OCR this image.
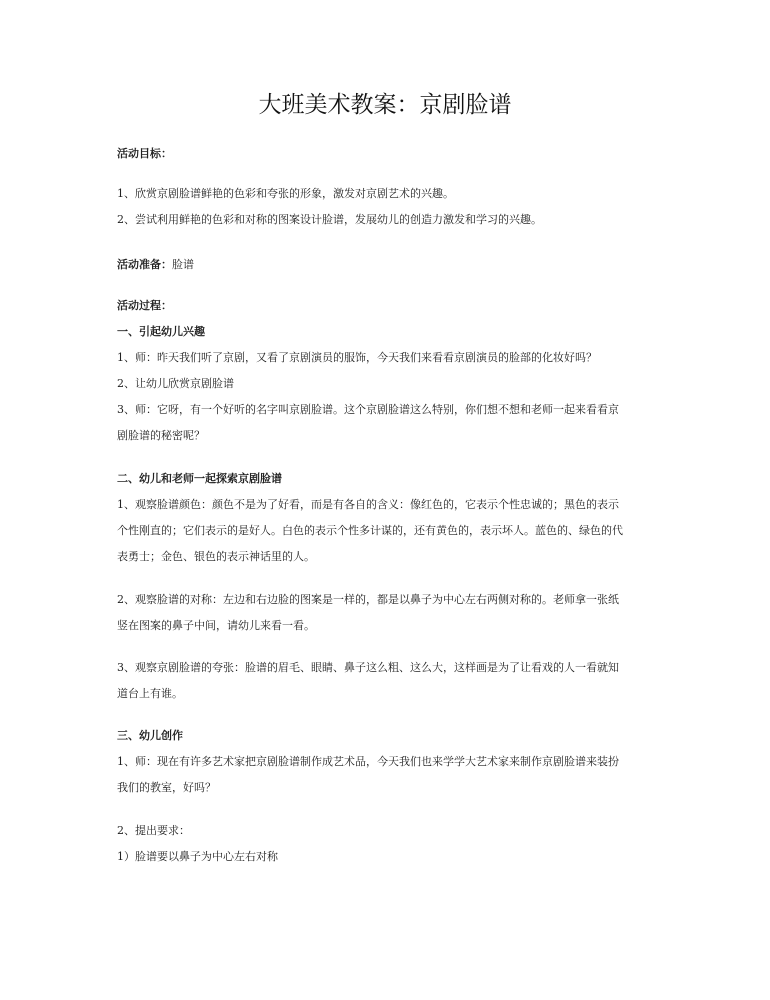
大班美术教案：京剧脸谱
活动目标：
1、欣赏京剧脸谱鲜艳的色彩和夸张的形象，激发对京剧艺术的兴趣。
2、尝试利用鲜艳的色彩和对称的图案设计脸谱，发展幼儿的创造力激发和学习的兴趣。
活动准备：脸谱
活动过程：
一、引起幼儿兴趣
1、师：昨天我们听了京剧，又看了京剧演员的服饰，今天我们来看看京剧演员的脸部的化妆好吗？
2、让幼儿欣赏京剧脸谱
3、师：它呀，有一个好听的名字叫京剧脸谱。这个京剧脸谱这么特别，你们想不想和老师一起来看看京
剧脸谱的秘密呢？
二、幼儿和老师一起探索京剧脸谱
1、观察脸谱颜色：颜色不是为了好看，而是有各自的含义：像红色的，它表示个性忠诚的；黑色的表示
个性刚直的；它们表示的是好人。白色的表示个性多计谋的，还有黄色的，表示坏人。蓝色的、绿色的代
表勇士；金色、银色的表示神话里的人。
2、观察脸谱的对称：左边和右边脸的图案是一样的，都是以鼻子为中心左右两侧对称的。老师拿一张纸
竖在图案的鼻子中间，请幼儿来看一看。
3、观察京剧脸谱的夸张：脸谱的眉毛、眼睛、鼻子这么粗、这么大，这样画是为了让看戏的人一看就知
道台上有谁。
三、幼儿创作
1、师：现在有许多艺术家把京剧脸谱制作成艺术品，今天我们也来学学大艺术家来制作京剧脸谱来装扮
我们的教室，好吗？
2、提出要求：
1）脸谱要以鼻子为中心左右对称
